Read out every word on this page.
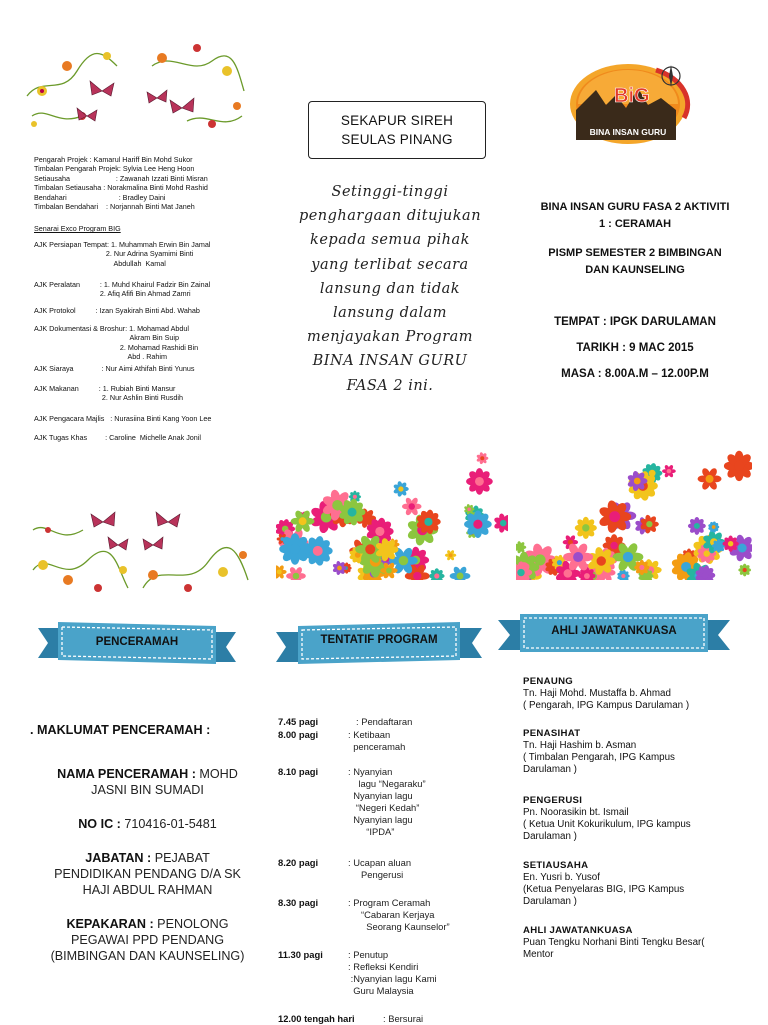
Pengarah Projek : Kamarul Hariff Bin Mohd Sukor
Timbalan Pengarah Projek: Sylvia Lee Heng Hoon
Setiausaha                       : Zawanah Izzati Binti Misran
Timbalan Setiausaha : Norakmalina Binti Mohd Rashid
Bendahari                          : Bradley Daini
Timbalan Bendahari    : Norjannah Binti Mat Janeh
Senarai Exco Program BIG
AJK Persiapan Tempat: 1. Muhammah Erwin Bin Jamal
2. Nur Adrina Syamimi Binti
Abdullah  Kamal
AJK Peralatan          : 1. Muhd Khairul Fadzir Bin Zainal
2. Afiq Afifi Bin Ahmad Zamri
AJK Protokol          : Izan Syakirah Binti Abd. Wahab
AJK Dokumentasi & Broshur: 1. Mohamad Abdul
Akram Bin Suip
2. Mohamad Rashidi Bin
Abd . Rahim
AJK Siaraya              : Nur Aimi Athifah Binti Yunus
AJK Makanan          : 1. Rubiah Binti Mansur
2. Nur Ashlin Binti Rusdih
AJK Pengacara Majlis   : Nurasiina Binti Kang Yoon Lee
AJK Tugas Khas         : Caroline  Michelle Anak Jonil
SEKAPUR SIREH
SEULAS PINANG
Setinggi-tinggi
penghargaan ditujukan
kepada semua pihak
yang terlibat secara
lansung dan tidak
lansung dalam
menjayakan Program
BINA INSAN GURU
FASA 2 ini.
BiG
BINA INSAN GURU
BINA INSAN GURU FASA 2 AKTIVITI
1 : CERAMAH
PISMP SEMESTER 2 BIMBINGAN
DAN KAUNSELING
TEMPAT : IPGK DARULAMAN
TARIKH : 9 MAC 2015
MASA : 8.00A.M – 12.00P.M
PENCERAMAH	TENTATIF PROGRAM
AHLI JAWATANKUASA
. MAKLUMAT PENCERAMAH :
NAMA PENCERAMAH : MOHD
JASNI BIN SUMADI
NO IC : 710416-01-5481
JABATAN : PEJABAT
PENDIDIKAN PENDANG D/A SK
HAJI ABDUL RAHMAN
KEPAKARAN : PENOLONG
PEGAWAI PPD PENDANG
(BIMBINGAN DAN KAUNSELING)
7.45 pagi	: Pendaftaran
8.00 pagi	: Ketibaan
penceramah
8.10 pagi	: Nyanyian
lagu “Negaraku”
Nyanyian lagu
“Negeri Kedah”
Nyanyian lagu
“IPDA”
8.20 pagi	: Ucapan aluan
Pengerusi
8.30 pagi	: Program Ceramah
“Cabaran Kerjaya
Seorang Kaunselor”
11.30 pagi	: Penutup
: Refleksi Kendiri
:Nyanyian lagu Kami
Guru Malaysia
12.00 tengah hari	: Bersurai
PENAUNG
Tn. Haji Mohd. Mustaffa b. Ahmad
( Pengarah, IPG Kampus Darulaman )
PENASIHAT
Tn. Haji Hashim b. Asman
( Timbalan Pengarah, IPG Kampus
Darulaman )
PENGERUSI
Pn. Noorasikin bt. Ismail
( Ketua Unit Kokurikulum, IPG kampus
Darulaman )
SETIAUSAHA
En. Yusri b. Yusof
(Ketua Penyelaras BIG, IPG Kampus
Darulaman )
AHLI JAWATANKUASA
Puan Tengku Norhani Binti Tengku Besar(
Mentor
